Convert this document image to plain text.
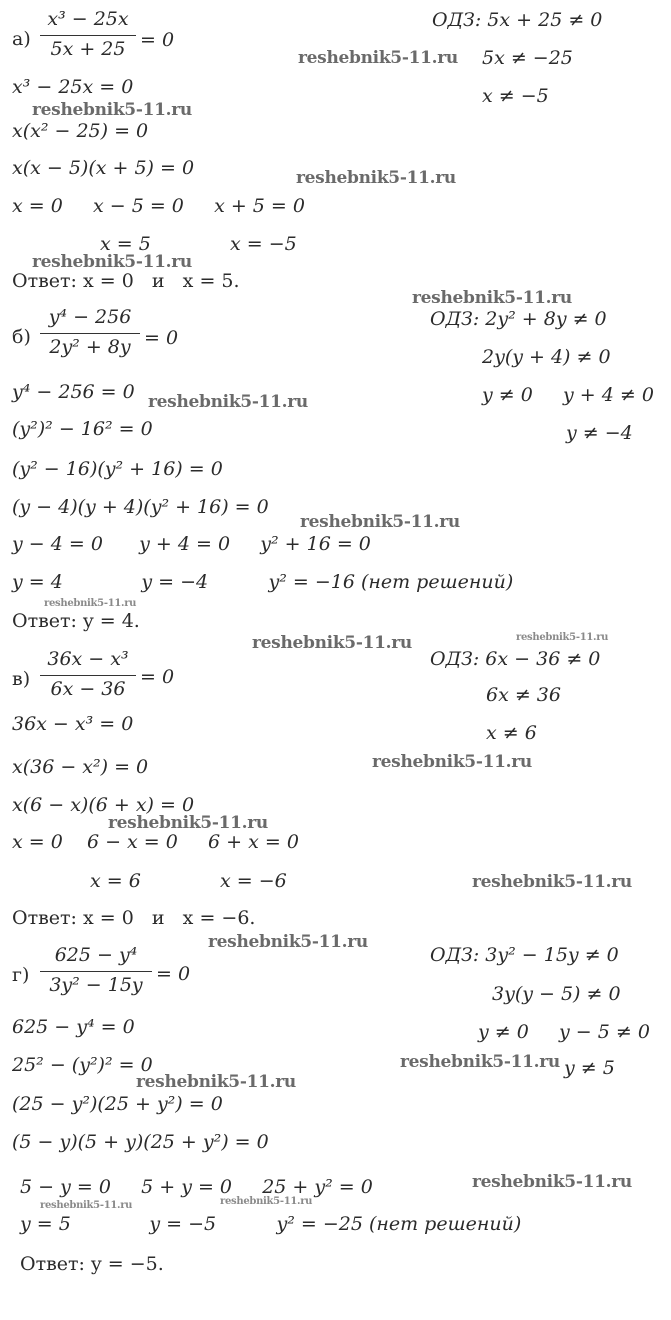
а)
x³ − 25x
5x + 25 = 0
ОДЗ: 5x + 25 ≠ 0
5x ≠ −25
x ≠ −5
x³ − 25x = 0
x(x² − 25) = 0
x(x − 5)(x + 5) = 0
x = 0     x − 5 = 0     x + 5 = 0
x = 5	x = −5
Ответ: x = 0   и   x = 5.
б)
y⁴ − 256
2y² + 8y = 0
ОДЗ: 2y² + 8y ≠ 0
2y(y + 4) ≠ 0
y ≠ 0     y + 4 ≠ 0
y ≠ −4
y⁴ − 256 = 0
(y²)² − 16² = 0
(y² − 16)(y² + 16) = 0
(y − 4)(y + 4)(y² + 16) = 0
y − 4 = 0      y + 4 = 0     y² + 16 = 0
y = 4             y = −4          y² = −16 (нет решений)
Ответ: y = 4.
в)
36x − x³
6x − 36
= 0
ОДЗ: 6x − 36 ≠ 0
6x ≠ 36
x ≠ 6
36x − x³ = 0
x(36 − x²) = 0
x(6 − x)(6 + x) = 0
x = 0    6 − x = 0     6 + x = 0
x = 6	x = −6
Ответ: x = 0   и   x = −6.
г)
625 − y⁴
3y² − 15y = 0
ОДЗ: 3y² − 15y ≠ 0
3y(y − 5) ≠ 0
y ≠ 0     y − 5 ≠ 0
y ≠ 5
625 − y⁴ = 0
25² − (y²)² = 0
(25 − y²)(25 + y²) = 0
(5 − y)(5 + y)(25 + y²) = 0
5 − y = 0     5 + y = 0     25 + y² = 0
y = 5             y = −5          y² = −25 (нет решений)
Ответ: y = −5.
reshebnik5-11.ru
reshebnik5-11.ru
reshebnik5-11.ru
reshebnik5-11.ru
reshebnik5-11.ru
reshebnik5-11.ru
reshebnik5-11.ru
reshebnik5-11.ru
reshebnik5-11.ru	reshebnik5-11.ru
reshebnik5-11.ru
reshebnik5-11.ru
reshebnik5-11.ru
reshebnik5-11.ru
reshebnik5-11.ru
reshebnik5-11.ru
reshebnik5-11.ru
reshebnik5-11.ru	reshebnik5-11.ru
